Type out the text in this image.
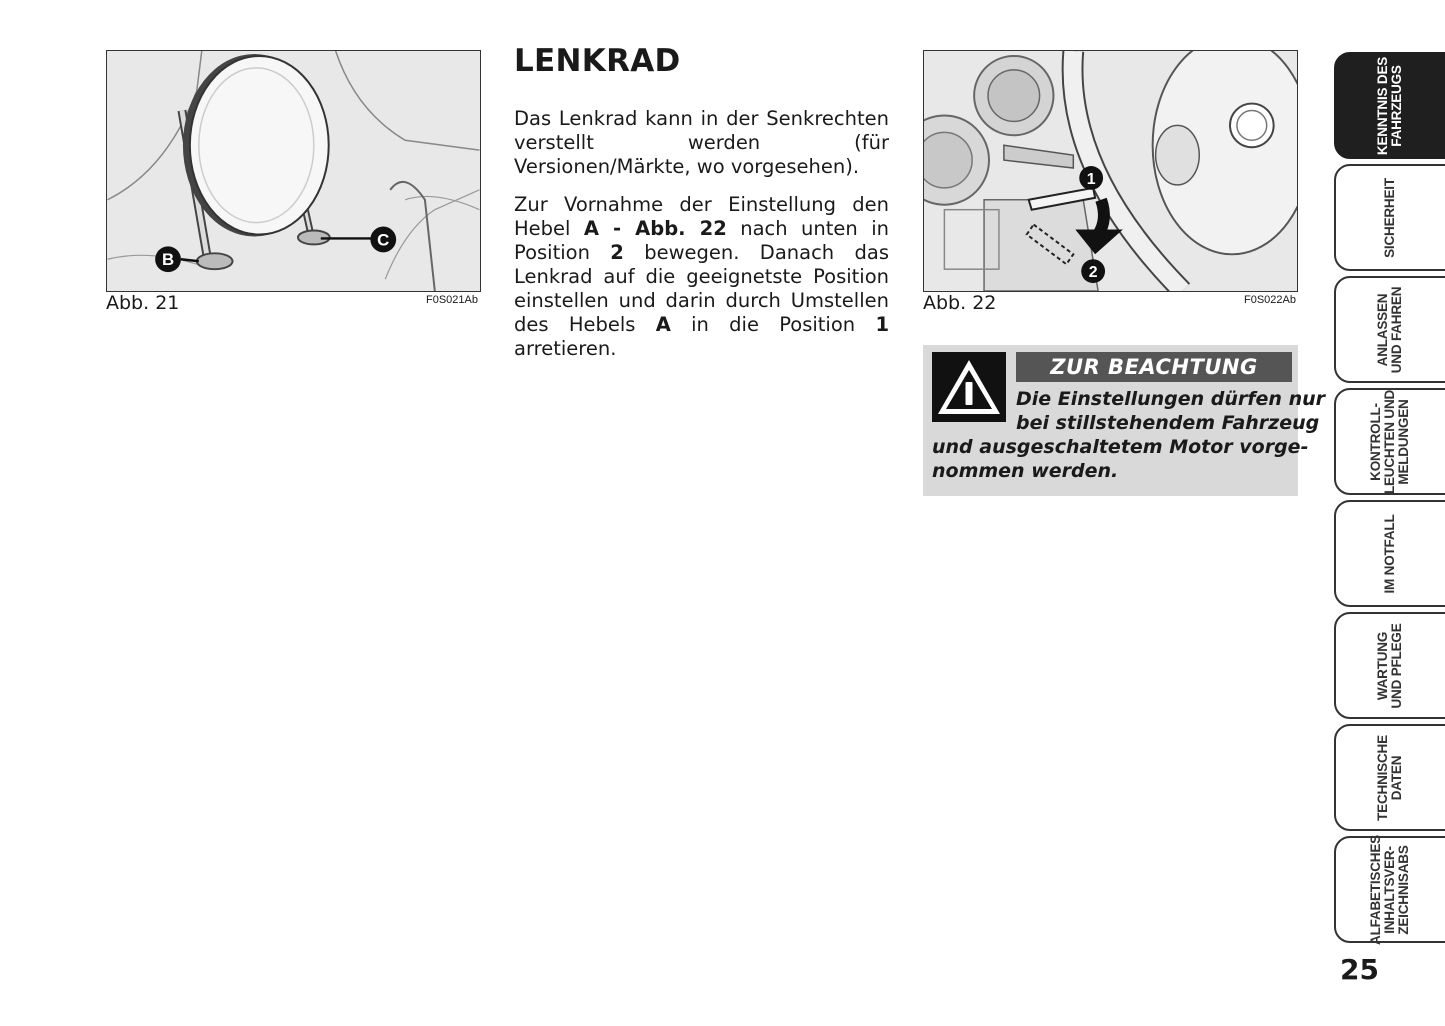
B
C
Abb. 21	F0S021Ab
LENKRAD

Das Lenkrad kann in der Senkrechten verstellt werden (für Versionen/Märkte, wo vorgesehen).

Zur Vornahme der Einstellung den Hebel A - Abb. 22 nach unten in Position 2 bewegen. Danach das Lenkrad auf die geeignetste Position einstellen und darin durch Umstellen des Hebels A in die Position 1 arretieren.

1
2
Abb. 22	F0S022Ab
ZUR BEACHTUNG
Die Einstellungen dürfen nur
bei stillstehendem Fahrzeug
und ausgeschaltetem Motor vorge-
nommen werden.
KENNTNIS DES
FAHRZEUGS
SICHERHEIT
ANLASSEN
UND FAHREN
KONTROLL-
LEUCHTEN UND
MELDUNGEN
IM NOTFALL
WARTUNG
UND PFLEGE
TECHNISCHE
DATEN
ALFABETISCHES
INHALTSVER-
ZEICHNISABS
25
